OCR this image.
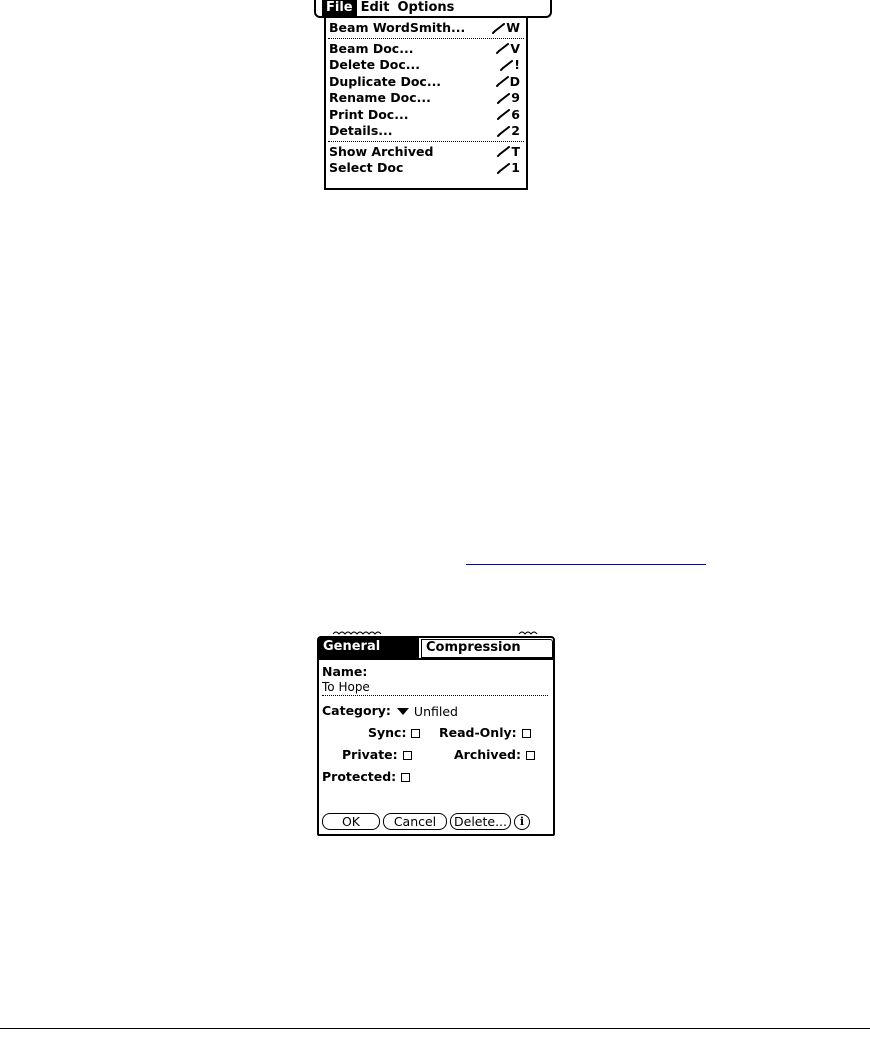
File Edit Options
Beam WordSmith...	W
Beam Doc...	V
Delete Doc...	!
Duplicate Doc...	D
Rename Doc...	9
Print Doc...	6
Details...	2
Show Archived	T
Select Doc	1
General	Compression
Name:
To Hope
Category: Unfiled
Sync:	Read-Only:
Private:	Archived:
Protected:
OK	Cancel	Delete...	i
